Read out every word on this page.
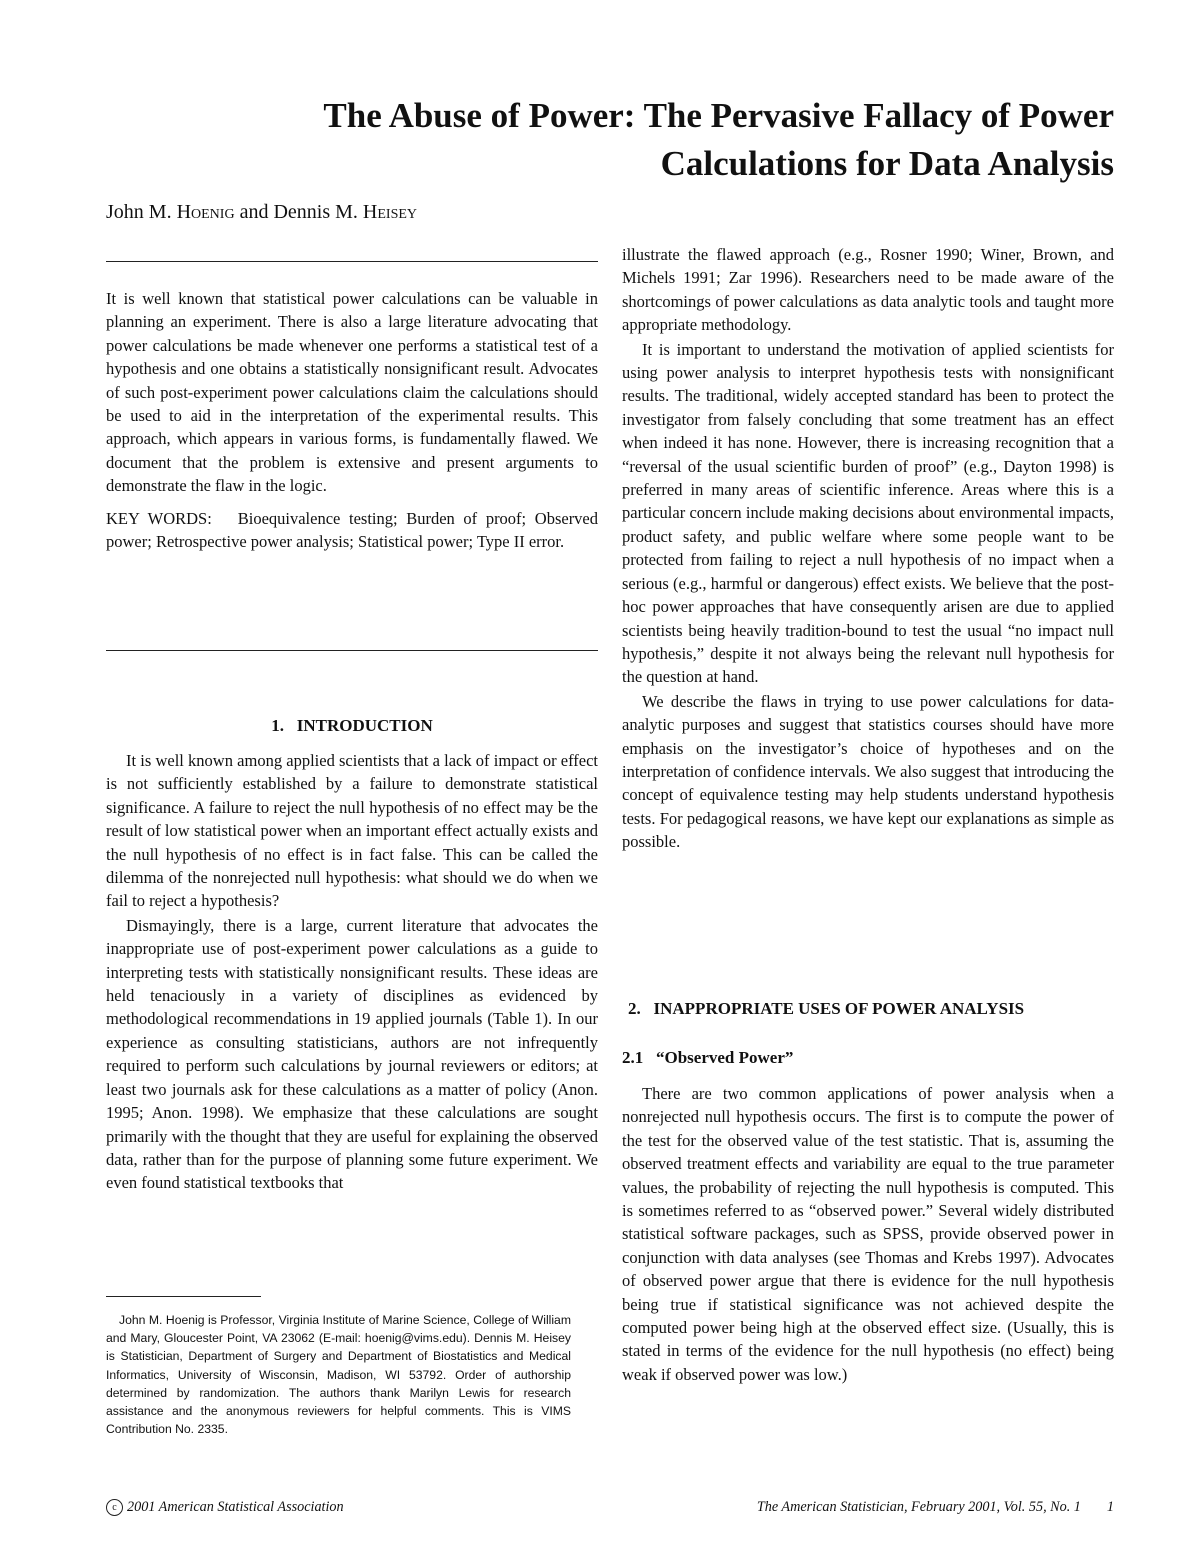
The Abuse of Power: The Pervasive Fallacy of Power
Calculations for Data Analysis

John M. Hoenig and Dennis M. Heisey

It is well known that statistical power calculations can be valuable in planning an experiment. There is also a large literature advocating that power calculations be made whenever one performs a statistical test of a hypothesis and one obtains a statistically nonsignificant result. Advocates of such post-experiment power calculations claim the calculations should be used to aid in the interpretation of the experimental results. This approach, which appears in various forms, is fundamentally flawed. We document that the problem is extensive and present arguments to demonstrate the flaw in the logic.

KEY WORDS: Bioequivalence testing; Burden of proof; Observed power; Retrospective power analysis; Statistical power; Type II error.

1.   INTRODUCTION

It is well known among applied scientists that a lack of impact or effect is not sufficiently established by a failure to demonstrate statistical significance. A failure to reject the null hypothesis of no effect may be the result of low statistical power when an important effect actually exists and the null hypothesis of no effect is in fact false. This can be called the dilemma of the nonrejected null hypothesis: what should we do when we fail to reject a hypothesis?

Dismayingly, there is a large, current literature that advocates the inappropriate use of post-experiment power calculations as a guide to interpreting tests with statistically nonsignificant results. These ideas are held tenaciously in a variety of disciplines as evidenced by methodological recommendations in 19 applied journals (Table 1). In our experience as consulting statisticians, authors are not infrequently required to perform such calculations by journal reviewers or editors; at least two journals ask for these calculations as a matter of policy (Anon. 1995; Anon. 1998). We emphasize that these calculations are sought primarily with the thought that they are useful for explaining the observed data, rather than for the purpose of planning some future experiment. We even found statistical textbooks that

John M. Hoenig is Professor, Virginia Institute of Marine Science, College of William and Mary, Gloucester Point, VA 23062 (E-mail: hoenig@vims.edu). Dennis M. Heisey is Statistician, Department of Surgery and Department of Biostatistics and Medical Informatics, University of Wisconsin, Madison, WI 53792. Order of authorship determined by randomization. The authors thank Marilyn Lewis for research assistance and the anonymous reviewers for helpful comments. This is VIMS Contribution No. 2335.

illustrate the flawed approach (e.g., Rosner 1990; Winer, Brown, and Michels 1991; Zar 1996). Researchers need to be made aware of the shortcomings of power calculations as data analytic tools and taught more appropriate methodology.

It is important to understand the motivation of applied scientists for using power analysis to interpret hypothesis tests with nonsignificant results. The traditional, widely accepted standard has been to protect the investigator from falsely concluding that some treatment has an effect when indeed it has none. However, there is increasing recognition that a “reversal of the usual scientific burden of proof” (e.g., Dayton 1998) is preferred in many areas of scientific inference. Areas where this is a particular concern include making decisions about environmental impacts, product safety, and public welfare where some people want to be protected from failing to reject a null hypothesis of no impact when a serious (e.g., harmful or dangerous) effect exists. We believe that the post-hoc power approaches that have consequently arisen are due to applied scientists being heavily tradition-bound to test the usual “no impact null hypothesis,” despite it not always being the relevant null hypothesis for the question at hand.

We describe the flaws in trying to use power calculations for data-analytic purposes and suggest that statistics courses should have more emphasis on the investigator’s choice of hypotheses and on the interpretation of confidence intervals. We also suggest that introducing the concept of equivalence testing may help students understand hypothesis tests. For pedagogical reasons, we have kept our explanations as simple as possible.

2.   INAPPROPRIATE USES OF POWER ANALYSIS
2.1   “Observed Power”

There are two common applications of power analysis when a nonrejected null hypothesis occurs. The first is to compute the power of the test for the observed value of the test statistic. That is, assuming the observed treatment effects and variability are equal to the true parameter values, the probability of rejecting the null hypothesis is computed. This is sometimes referred to as “observed power.” Several widely distributed statistical software packages, such as SPSS, provide observed power in conjunction with data analyses (see Thomas and Krebs 1997). Advocates of observed power argue that there is evidence for the null hypothesis being true if statistical significance was not achieved despite the computed power being high at the observed effect size. (Usually, this is stated in terms of the evidence for the null hypothesis (no effect) being weak if observed power was low.)

c 2001 American Statistical Association	The American Statistician, February 2001, Vol. 55, No. 1 1
